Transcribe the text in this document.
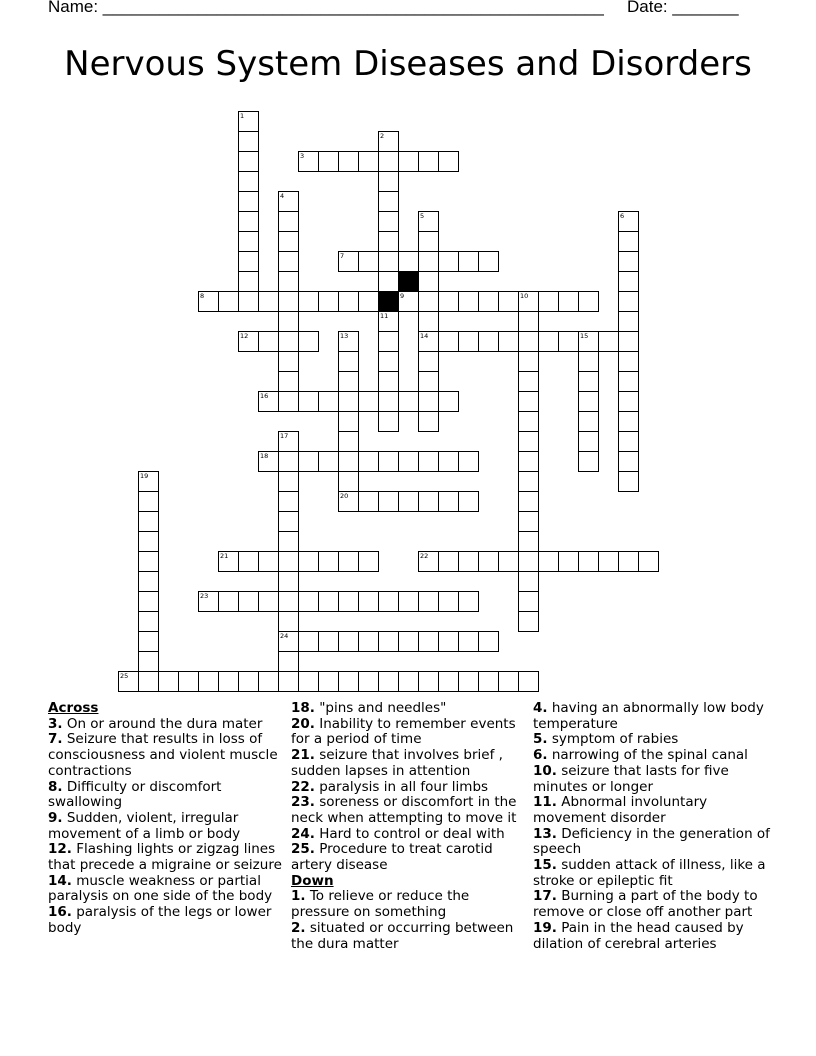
Name: _____________________________________________________ Date: _______
Nervous System Diseases and Disorders
3
7
8	9
12	14
16
18
20
21	22
23
24
25
1
2
4
5	6
10
11
13	15
17
19
Across
3. On or around the dura mater
7. Seizure that results in loss of consciousness and violent muscle contractions
8. Difficulty or discomfort swallowing
9. Sudden, violent, irregular movement of a limb or body
12. Flashing lights or zigzag lines that precede a migraine or seizure
14. muscle weakness or partial paralysis on one side of the body
16. paralysis of the legs or lower body
18. "pins and needles"
20. Inability to remember events for a period of time
21. seizure that involves brief , sudden lapses in attention
22. paralysis in all four limbs
23. soreness or discomfort in the neck when attempting to move it
24. Hard to control or deal with
25. Procedure to treat carotid artery disease
Down
1. To relieve or reduce the pressure on something
2. situated or occurring between the dura matter
4. having an abnormally low body temperature
5. symptom of rabies
6. narrowing of the spinal canal
10. seizure that lasts for five minutes or longer
11. Abnormal involuntary movement disorder
13. Deficiency in the generation of speech
15. sudden attack of illness, like a stroke or epileptic fit
17. Burning a part of the body to remove or close off another part
19. Pain in the head caused by dilation of cerebral arteries
